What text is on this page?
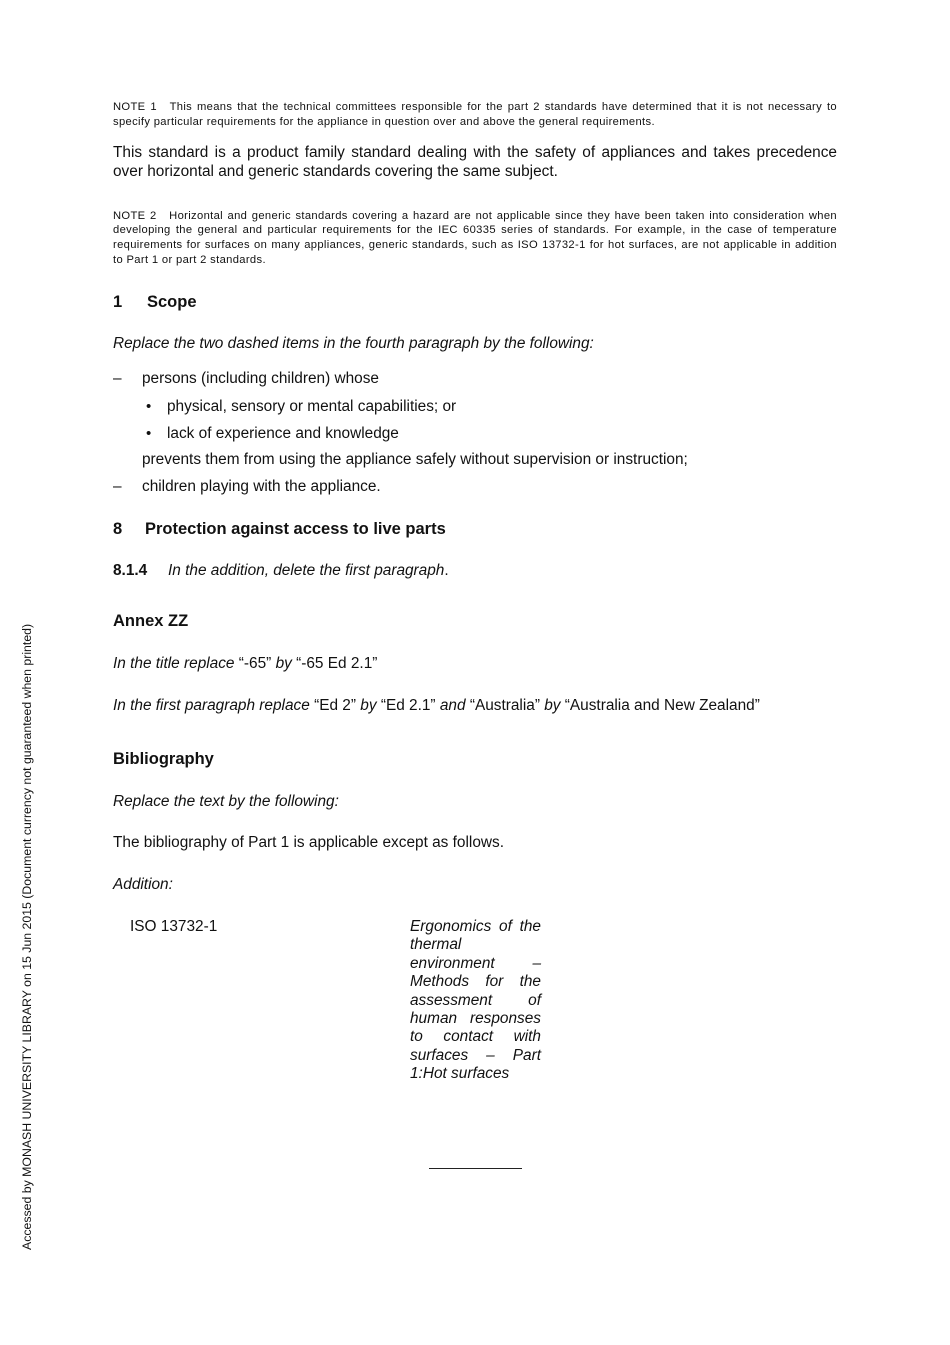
NOTE 1 This means that the technical committees responsible for the part 2 standards have determined that it is not necessary to specify particular requirements for the appliance in question over and above the general requirements.

This standard is a product family standard dealing with the safety of appliances and takes precedence over horizontal and generic standards covering the same subject.

NOTE 2 Horizontal and generic standards covering a hazard are not applicable since they have been taken into consideration when developing the general and particular requirements for the IEC 60335 series of standards. For example, in the case of temperature requirements for surfaces on many appliances, generic standards, such as ISO 13732-1 for hot surfaces, are not applicable in addition to Part 1 or part 2 standards.

1 Scope

Replace the two dashed items in the fourth paragraph by the following:

– persons (including children) whose
• physical, sensory or mental capabilities; or
• lack of experience and knowledge
prevents them from using the appliance safely without supervision or instruction;
– children playing with the appliance.
8 Protection against access to live parts

8.1.4 In the addition, delete the first paragraph.

Annex ZZ

In the title replace “-65” by “-65 Ed 2.1”

In the first paragraph replace “Ed 2” by “Ed 2.1” and “Australia” by “Australia and New Zealand”

Bibliography

Replace the text by the following:

The bibliography of Part 1 is applicable except as follows.

Addition:

ISO 13732-1	Ergonomics of the thermal environment – Methods for the assessment of human responses to contact with surfaces – Part 1:Hot surfaces
Accessed by MONASH UNIVERSITY LIBRARY on 15 Jun 2015 (Document currency not guaranteed when printed)
